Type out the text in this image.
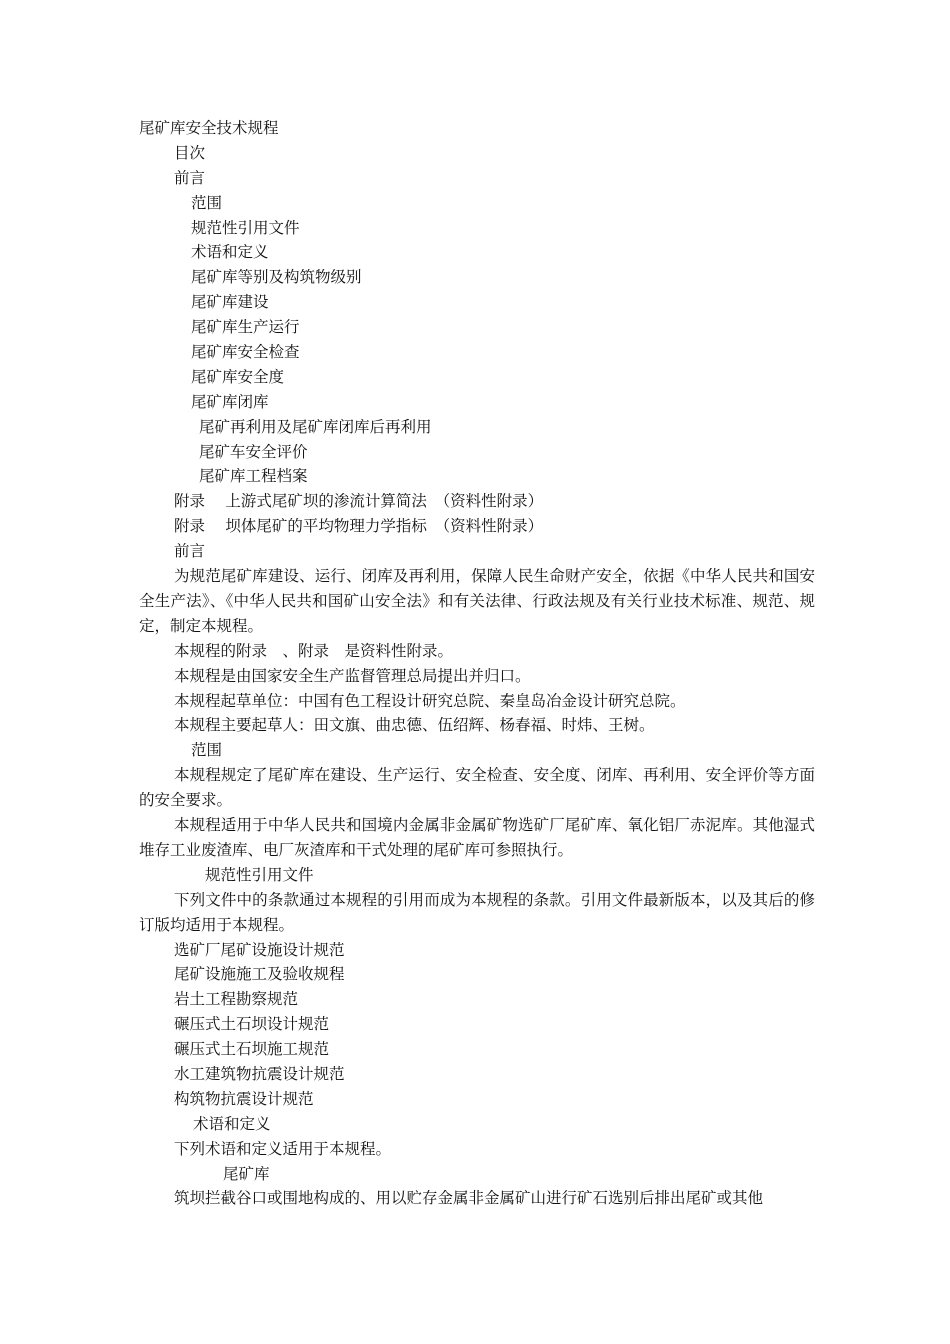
尾矿库安全技术规程
目次
前言
范围
规范性引用文件
术语和定义
尾矿库等别及构筑物级别
尾矿库建设
尾矿库生产运行
尾矿库安全检查
尾矿库安全度
尾矿库闭库
尾矿再利用及尾矿库闭库后再利用
尾矿车安全评价
尾矿库工程档案
附录　 上游式尾矿坝的渗流计算简法　（资料性附录）
附录　 坝体尾矿的平均物理力学指标　（资料性附录）
前言
为规范尾矿库建设、运行、闭库及再利用，保障人民生命财产安全，依据《中华人民共和国安全生产法》、《中华人民共和国矿山安全法》和有关法律、行政法规及有关行业技术标准、规范、规定，制定本规程。
本规程的附录　、附录　是资料性附录。
本规程是由国家安全生产监督管理总局提出并归口。
本规程起草单位：中国有色工程设计研究总院、秦皇岛冶金设计研究总院。
本规程主要起草人：田文旗、曲忠德、伍绍辉、杨春福、时炜、王树。
范围
本规程规定了尾矿库在建设、生产运行、安全检查、安全度、闭库、再利用、安全评价等方面的安全要求。
本规程适用于中华人民共和国境内金属非金属矿物选矿厂尾矿库、氧化铝厂赤泥库。其他湿式堆存工业废渣库、电厂灰渣库和干式处理的尾矿库可参照执行。
规范性引用文件
下列文件中的条款通过本规程的引用而成为本规程的条款。引用文件最新版本，以及其后的修订版均适用于本规程。
选矿厂尾矿设施设计规范
尾矿设施施工及验收规程
岩土工程勘察规范
碾压式土石坝设计规范
碾压式土石坝施工规范
水工建筑物抗震设计规范
构筑物抗震设计规范
术语和定义
下列术语和定义适用于本规程。
尾矿库
筑坝拦截谷口或围地构成的、用以贮存金属非金属矿山进行矿石选别后排出尾矿或其他
